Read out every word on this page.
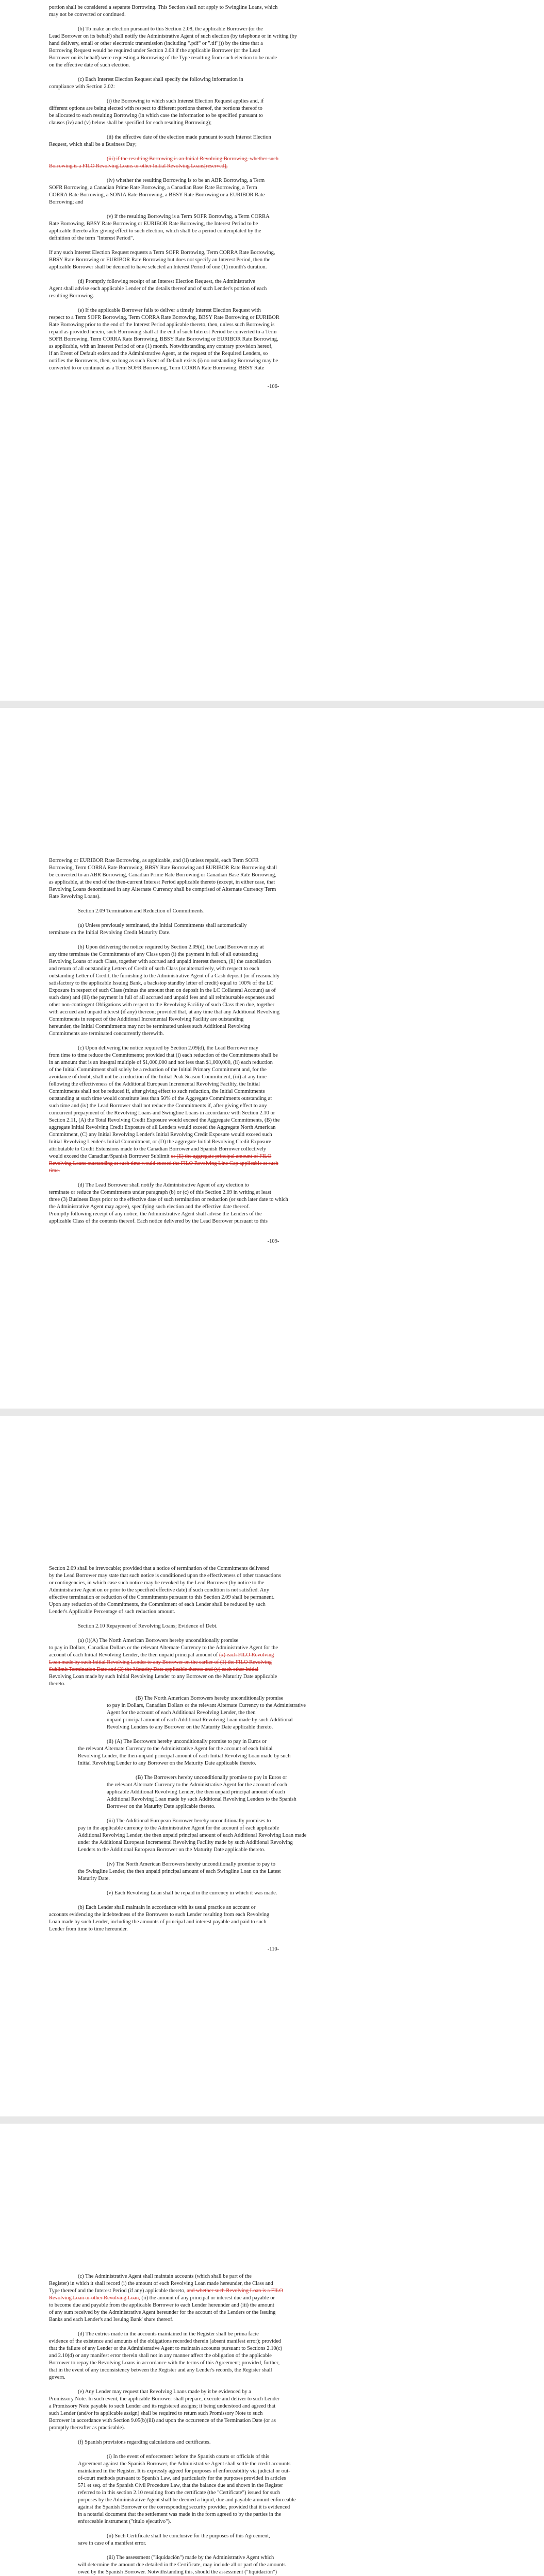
portion shall be considered a separate Borrowing. This Section shall not apply to Swingline Loans, which
may not be converted or continued.
(b) To make an election pursuant to this Section 2.08, the applicable Borrower (or the
Lead Borrower on its behalf) shall notify the Administrative Agent of such election (by telephone or in writing (by
hand delivery, email or other electronic transmission (including ".pdf" or ".tif"))) by the time that a
Borrowing Request would be required under Section 2.03 if the applicable Borrower (or the Lead
Borrower on its behalf) were requesting a Borrowing of the Type resulting from such election to be made
on the effective date of such election.
(c) Each Interest Election Request shall specify the following information in
compliance with Section 2.02:
(i) the Borrowing to which such Interest Election Request applies and, if
different options are being elected with respect to different portions thereof, the portions thereof to
be allocated to each resulting Borrowing (in which case the information to be specified pursuant to
clauses (iv) and (v) below shall be specified for each resulting Borrowing);
(ii) the effective date of the election made pursuant to such Interest Election
Request, which shall be a Business Day;
(iii) if the resulting Borrowing is an Initial Revolving Borrowing, whether such
Borrowing is a FILO Revolving Loans or other Initial Revolving Loans[reserved];
(iv) whether the resulting Borrowing is to be an ABR Borrowing, a Term
SOFR Borrowing, a Canadian Prime Rate Borrowing, a Canadian Base Rate Borrowing, a Term
CORRA Rate Borrowing, a SONIA Rate Borrowing, a BBSY Rate Borrowing or a EURIBOR Rate
Borrowing; and
(v) if the resulting Borrowing is a Term SOFR Borrowing, a Term CORRA
Rate Borrowing, BBSY Rate Borrowing or EURIBOR Rate Borrowing, the Interest Period to be
applicable thereto after giving effect to such election, which shall be a period contemplated by the
definition of the term "Interest Period".
If any such Interest Election Request requests a Term SOFR Borrowing, Term CORRA Rate Borrowing,
BBSY Rate Borrowing or EURIBOR Rate Borrowing but does not specify an Interest Period, then the
applicable Borrower shall be deemed to have selected an Interest Period of one (1) month's duration.
(d) Promptly following receipt of an Interest Election Request, the Administrative
Agent shall advise each applicable Lender of the details thereof and of such Lender's portion of each
resulting Borrowing.
(e) If the applicable Borrower fails to deliver a timely Interest Election Request with
respect to a Term SOFR Borrowing, Term CORRA Rate Borrowing, BBSY Rate Borrowing or EURIBOR
Rate Borrowing prior to the end of the Interest Period applicable thereto, then, unless such Borrowing is
repaid as provided herein, such Borrowing shall at the end of such Interest Period be converted to a Term
SOFR Borrowing, Term CORRA Rate Borrowing, BBSY Rate Borrowing or EURIBOR Rate Borrowing,
as applicable, with an Interest Period of one (1) month. Notwithstanding any contrary provision hereof,
if an Event of Default exists and the Administrative Agent, at the request of the Required Lenders, so
notifies the Borrowers, then, so long as such Event of Default exists (i) no outstanding Borrowing may be
converted to or continued as a Term SOFR Borrowing, Term CORRA Rate Borrowing, BBSY Rate
-106-
Borrowing or EURIBOR Rate Borrowing, as applicable, and (ii) unless repaid, each Term SOFR
Borrowing, Term CORRA Rate Borrowing, BBSY Rate Borrowing and EURIBOR Rate Borrowing shall
be converted to an ABR Borrowing, Canadian Prime Rate Borrowing or Canadian Base Rate Borrowing,
as applicable, at the end of the then-current Interest Period applicable thereto (except, in either case, that
Revolving Loans denominated in any Alternate Currency shall be comprised of Alternate Currency Term
Rate Revolving Loans).
Section 2.09 Termination and Reduction of Commitments.
(a) Unless previously terminated, the Initial Commitments shall automatically
terminate on the Initial Revolving Credit Maturity Date.
(b) Upon delivering the notice required by Section 2.09(d), the Lead Borrower may at
any time terminate the Commitments of any Class upon (i) the payment in full of all outstanding
Revolving Loans of such Class, together with accrued and unpaid interest thereon, (ii) the cancellation
and return of all outstanding Letters of Credit of such Class (or alternatively, with respect to each
outstanding Letter of Credit, the furnishing to the Administrative Agent of a Cash deposit (or if reasonably
satisfactory to the applicable Issuing Bank, a backstop standby letter of credit) equal to 100% of the LC
Exposure in respect of such Class (minus the amount then on deposit in the LC Collateral Account) as of
such date) and (iii) the payment in full of all accrued and unpaid fees and all reimbursable expenses and
other non-contingent Obligations with respect to the Revolving Facility of such Class then due, together
with accrued and unpaid interest (if any) thereon; provided that, at any time that any Additional Revolving
Commitments in respect of the Additional Incremental Revolving Facility are outstanding
hereunder, the Initial Commitments may not be terminated unless such Additional Revolving
Commitments are terminated concurrently therewith.
(c) Upon delivering the notice required by Section 2.09(d), the Lead Borrower may
from time to time reduce the Commitments; provided that (i) each reduction of the Commitments shall be
in an amount that is an integral multiple of $1,000,000 and not less than $1,000,000, (ii) each reduction
of the Initial Commitment shall solely be a reduction of the Initial Primary Commitment and, for the
avoidance of doubt, shall not be a reduction of the Initial Peak Season Commitment, (iii) at any time
following the effectiveness of the Additional European Incremental Revolving Facility, the Initial
Commitments shall not be reduced if, after giving effect to such reduction, the Initial Commitments
outstanding at such time would constitute less than 50% of the Aggregate Commitments outstanding at
such time and (iv) the Lead Borrower shall not reduce the Commitments if, after giving effect to any
concurrent prepayment of the Revolving Loans and Swingline Loans in accordance with Section 2.10 or
Section 2.11, (A) the Total Revolving Credit Exposure would exceed the Aggregate Commitments, (B) the
aggregate Initial Revolving Credit Exposure of all Lenders would exceed the Aggregate North American
Commitment, (C) any Initial Revolving Lender's Initial Revolving Credit Exposure would exceed such
Initial Revolving Lender's Initial Commitment, or (D) the aggregate Initial Revolving Credit Exposure
attributable to Credit Extensions made to the Canadian Borrower and Spanish Borrower collectively
would exceed the Canadian/Spanish Borrower Sublimit or (E) the aggregate principal amount of FILO
Revolving Loans outstanding at such time would exceed the FILO Revolving Line Cap applicable at such
time.
(d) The Lead Borrower shall notify the Administrative Agent of any election to
terminate or reduce the Commitments under paragraph (b) or (c) of this Section 2.09 in writing at least
three (3) Business Days prior to the effective date of such termination or reduction (or such later date to which
the Administrative Agent may agree), specifying such election and the effective date thereof.
Promptly following receipt of any notice, the Administrative Agent shall advise the Lenders of the
applicable Class of the contents thereof. Each notice delivered by the Lead Borrower pursuant to this
-109-
Section 2.09 shall be irrevocable; provided that a notice of termination of the Commitments delivered
by the Lead Borrower may state that such notice is conditioned upon the effectiveness of other transactions
or contingencies, in which case such notice may be revoked by the Lead Borrower (by notice to the
Administrative Agent on or prior to the specified effective date) if such condition is not satisfied. Any
effective termination or reduction of the Commitments pursuant to this Section 2.09 shall be permanent.
Upon any reduction of the Commitments, the Commitment of each Lender shall be reduced by such
Lender's Applicable Percentage of such reduction amount.
Section 2.10 Repayment of Revolving Loans; Evidence of Debt.
(a) (i)(A) The North American Borrowers hereby unconditionally promise
to pay in Dollars, Canadian Dollars or the relevant Alternate Currency to the Administrative Agent for the
account of each Initial Revolving Lender, the then unpaid principal amount of (x) each FILO Revolving
Loan made by such Initial Revolving Lender to any Borrower on the earlier of (1) the FILO Revolving
Sublimit Termination Date and (2) the Maturity Date applicable thereto and (y) each other Initial
Revolving Loan made by such Initial Revolving Lender to any Borrower on the Maturity Date applicable
thereto.
(B) The North American Borrowers hereby unconditionally promise
to pay in Dollars, Canadian Dollars or the relevant Alternate Currency to the Administrative
Agent for the account of each Additional Revolving Lender, the then
unpaid principal amount of each Additional Revolving Loan made by such Additional
Revolving Lenders to any Borrower on the Maturity Date applicable thereto.
(ii) (A) The Borrowers hereby unconditionally promise to pay in Euros or
the relevant Alternate Currency to the Administrative Agent for the account of each Initial
Revolving Lender, the then-unpaid principal amount of each Initial Revolving Loan made by such
Initial Revolving Lender to any Borrower on the Maturity Date applicable thereto.
(B) The Borrowers hereby unconditionally promise to pay in Euros or
the relevant Alternate Currency to the Administrative Agent for the account of each
applicable Additional Revolving Lender, the then unpaid principal amount of each
Additional Revolving Loan made by such Additional Revolving Lenders to the Spanish
Borrower on the Maturity Date applicable thereto.
(iii) The Additional European Borrower hereby unconditionally promises to
pay in the applicable currency to the Administrative Agent for the account of each applicable
Additional Revolving Lender, the then unpaid principal amount of each Additional Revolving Loan made
under the Additional European Incremental Revolving Facility made by such Additional Revolving
Lenders to the Additional European Borrower on the Maturity Date applicable thereto.
(iv) The North American Borrowers hereby unconditionally promise to pay to
the Swingline Lender, the then unpaid principal amount of each Swingline Loan on the Latest
Maturity Date.
(v) Each Revolving Loan shall be repaid in the currency in which it was made.
(b) Each Lender shall maintain in accordance with its usual practice an account or
accounts evidencing the indebtedness of the Borrowers to such Lender resulting from each Revolving
Loan made by such Lender, including the amounts of principal and interest payable and paid to such
Lender from time to time hereunder.
-110-
(c) The Administrative Agent shall maintain accounts (which shall be part of the
Register) in which it shall record (i) the amount of each Revolving Loan made hereunder, the Class and
Type thereof and the Interest Period (if any) applicable thereto, and whether such Revolving Loan is a FILO
Revolving Loan or other Revolving Loan, (ii) the amount of any principal or interest due and payable or
to become due and payable from the applicable Borrower to each Lender hereunder and (iii) the amount
of any sum received by the Administrative Agent hereunder for the account of the Lenders or the Issuing
Banks and each Lender's and Issuing Bank' share thereof.
(d) The entries made in the accounts maintained in the Register shall be prima facie
evidence of the existence and amounts of the obligations recorded therein (absent manifest error); provided
that the failure of any Lender or the Administrative Agent to maintain accounts pursuant to Sections 2.10(c)
and 2.10(d) or any manifest error therein shall not in any manner affect the obligation of the applicable
Borrower to repay the Revolving Loans in accordance with the terms of this Agreement; provided, further,
that in the event of any inconsistency between the Register and any Lender's records, the Register shall
govern.
(e) Any Lender may request that Revolving Loans made by it be evidenced by a
Promissory Note. In such event, the applicable Borrower shall prepare, execute and deliver to such Lender
a Promissory Note payable to such Lender and its registered assigns; it being understood and agreed that
such Lender (and/or its applicable assign) shall be required to return such Promissory Note to such
Borrower in accordance with Section 9.05(b)(iii) and upon the occurrence of the Termination Date (or as
promptly thereafter as practicable).
(f) Spanish provisions regarding calculations and certificates.
(i) In the event of enforcement before the Spanish courts or officials of this
Agreement against the Spanish Borrower, the Administrative Agent shall settle the credit accounts
maintained in the Register. It is expressly agreed for purposes of enforceability via judicial or out-
of-court methods pursuant to Spanish Law, and particularly for the purposes provided in articles
571 et seq. of the Spanish Civil Procedure Law, that the balance due and shown in the Register
referred to in this section 2.10 resulting from the certificate (the "Certificate") issued for such
purposes by the Administrative Agent shall be deemed a liquid, due and payable amount enforceable
against the Spanish Borrower or the corresponding security provider, provided that it is evidenced
in a notarial document that the settlement was made in the form agreed to by the parties in the
enforceable instrument ("título ejecutivo").
(ii) Such Certificate shall be conclusive for the purposes of this Agreement,
save in case of a manifest error.
(iii) The assessment ("liquidación") made by the Administrative Agent which
will determine the amount due detailed in the Certificate, may include all or part of the amounts
owed by the Spanish Borrower. Notwithstanding this, should the assessment ("liquidación")
